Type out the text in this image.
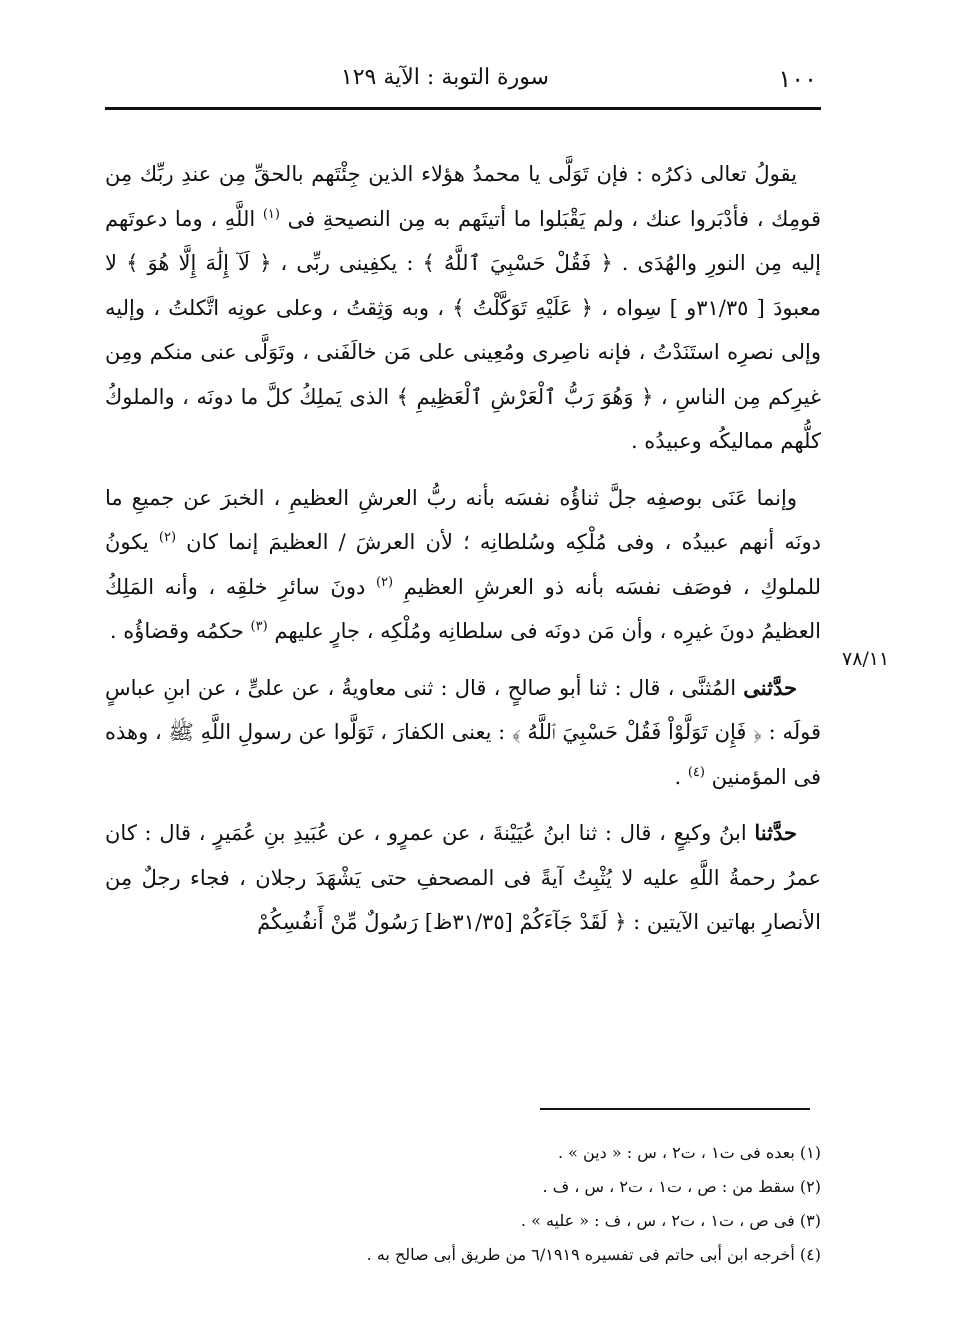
١٠٠
سورة التوبة : الآية ١٢٩
٧٨/١١

يقولُ تعالى ذكرُه : فإن تَوَلَّى يا محمدُ هؤلاء الذين جِئْتَهم بالحقِّ مِن عندِ ربِّك مِن قومِك ، فأدْبَروا عنك ، ولم يَقْبَلوا ما أتيتَهم به مِن النصيحةِ فى $^{(١)}$ اللَّهِ ، وما دعوتَهم إليه مِن النورِ والهُدَى . ﴿ فَقُلْ حَسْبِيَ ٱللَّهُ ﴾ : يكفِينى ربِّى ، ﴿ لَآ إِلَٰهَ إِلَّا هُوَ ﴾ لا معبودَ [ ٣١/٣٥و ] سِواه ، ﴿ عَلَيْهِ تَوَكَّلْتُ ﴾ ، وبه وَثِقتُ ، وعلى عونِه اتَّكلتُ ، وإليه وإلى نصرِه استَنَدْتُ ، فإنه ناصِرى ومُعِينى على مَن خالَفَنى ، وتَوَلَّى عنى منكم ومِن غيرِكم مِن الناسِ ، ﴿ وَهُوَ رَبُّ ٱلْعَرْشِ ٱلْعَظِيمِ ﴾ الذى يَملِكُ كلَّ ما دونَه ، والملوكُ كلُّهم مماليكُه وعبيدُه .

وإنما عَنَى بوصفِه جلَّ ثناؤُه نفسَه بأنه ربُّ العرشِ العظيمِ ، الخبرَ عن جميعِ ما دونَه أنهم عبيدُه ، وفى مُلْكِه وسُلطانِه ؛ لأن العرشَ / العظيمَ إنما كان $^{(٢)}$ يكونُ للملوكِ ، فوصَف نفسَه بأنه ذو العرشِ العظيمِ $^{(٢)}$ دونَ سائرِ خلقِه ، وأنه المَلِكُ العظيمُ دونَ غيرِه ، وأن مَن دونَه فى سلطانِه ومُلْكِه ، جارٍ عليهم $^{(٣)}$ حكمُه وقضاؤُه .

حدَّثنى المُثنَّى ، قال : ثنا أبو صالحٍ ، قال : ثنى معاويةُ ، عن علىٍّ ، عن ابنِ عباسٍ قولَه : ﴿ فَإِن تَوَلَّوْاْ فَقُلْ حَسْبِيَ ٱللَّهُ ﴾ : يعنى الكفارَ ، تَوَلَّوا عن رسولِ اللَّهِ ﷺ ، وهذه فى المؤمنين $^{(٤)}$ .

حدَّثنا ابنُ وكيعٍ ، قال : ثنا ابنُ عُيَيْنةَ ، عن عمرٍو ، عن عُبَيدِ بنِ عُمَيرٍ ، قال : كان عمرُ رحمةُ اللَّهِ عليه لا يُثْبِتُ آيةً فى المصحفِ حتى يَشْهَدَ رجلان ، فجاء رجلٌ مِن الأنصارِ بهاتين الآيتين : ﴿ لَقَدْ جَآءَكُمْ [٣١/٣٥ظ] رَسُولٌ مِّنْ أَنفُسِكُمْ

(١) بعده فى ت١ ، ت٢ ، س : « دين » .

(٢) سقط من : ص ، ت١ ، ت٢ ، س ، ف .

(٣) فى ص ، ت١ ، ت٢ ، س ، ف : « عليه » .

(٤) أخرجه ابن أبى حاتم فى تفسيره ٦/١٩١٩ من طريق أبى صالح به .
